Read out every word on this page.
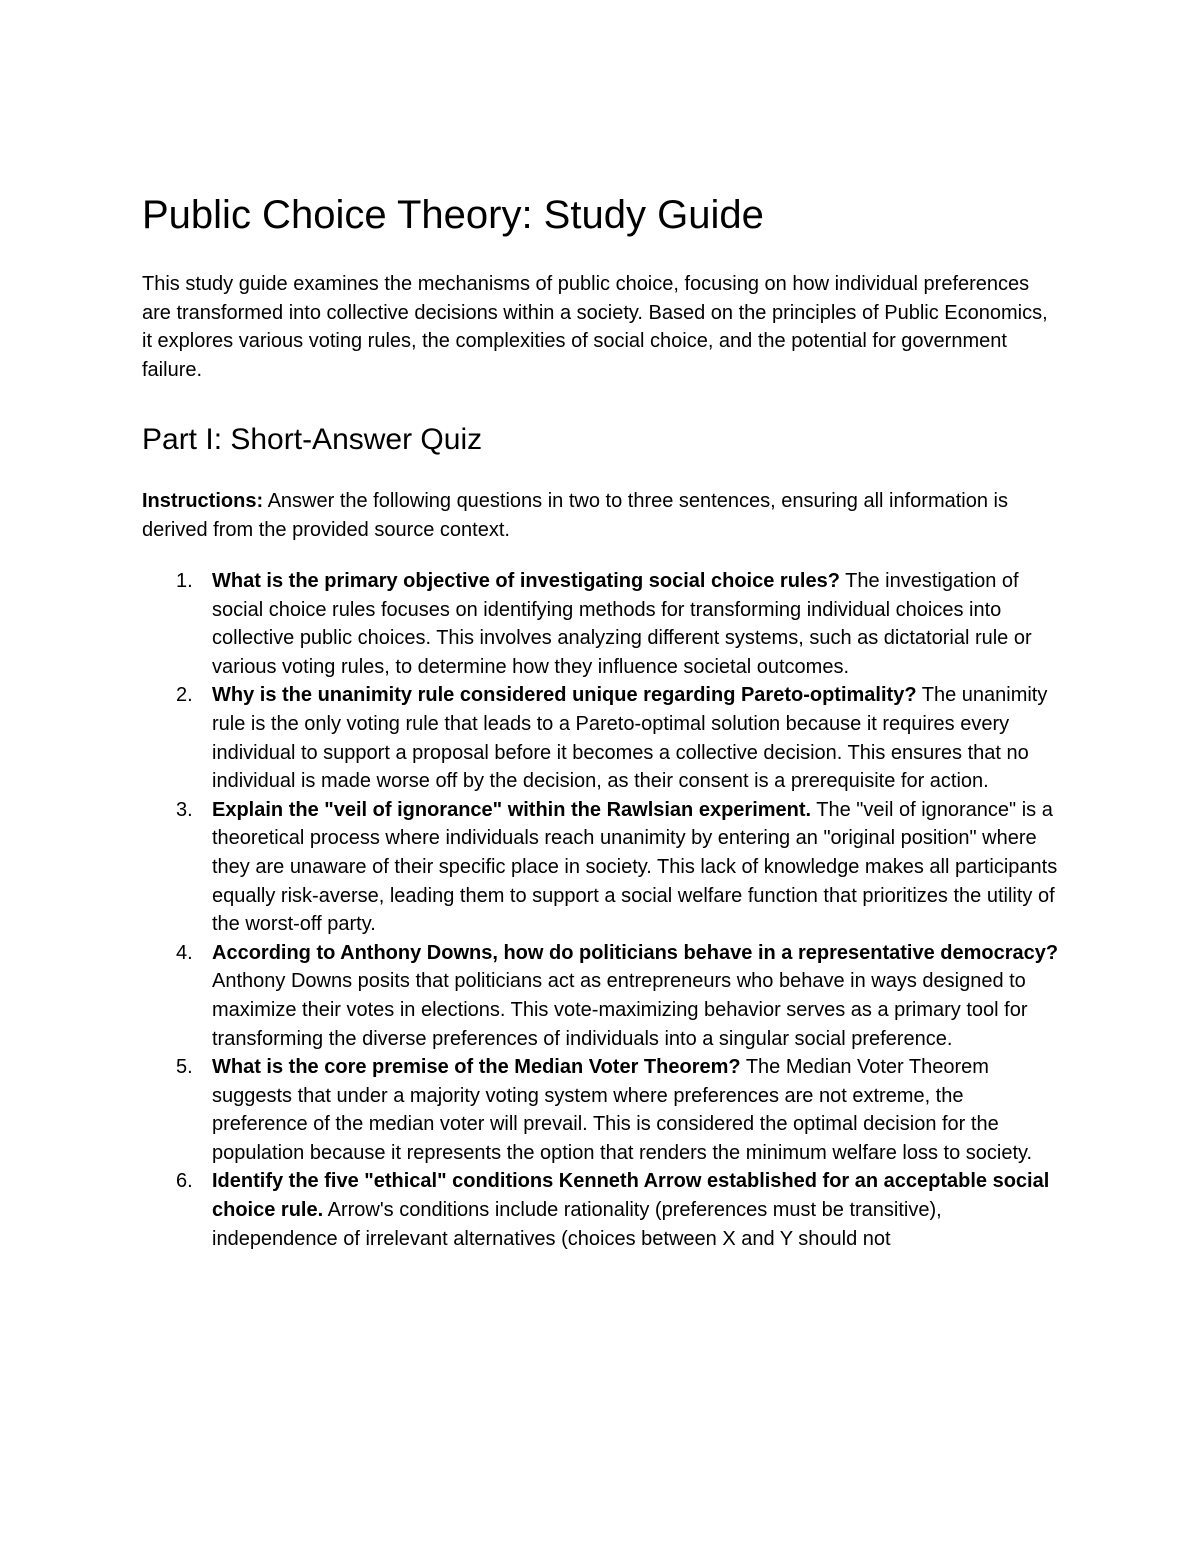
Public Choice Theory: Study Guide

This study guide examines the mechanisms of public choice, focusing on how individual preferences are transformed into collective decisions within a society. Based on the principles of Public Economics, it explores various voting rules, the complexities of social choice, and the potential for government failure.

Part I: Short-Answer Quiz

Instructions: Answer the following questions in two to three sentences, ensuring all information is derived from the provided source context.

1. What is the primary objective of investigating social choice rules? The investigation of social choice rules focuses on identifying methods for transforming individual choices into collective public choices. This involves analyzing different systems, such as dictatorial rule or various voting rules, to determine how they influence societal outcomes.
2. Why is the unanimity rule considered unique regarding Pareto-optimality? The unanimity rule is the only voting rule that leads to a Pareto-optimal solution because it requires every individual to support a proposal before it becomes a collective decision. This ensures that no individual is made worse off by the decision, as their consent is a prerequisite for action.
3. Explain the "veil of ignorance" within the Rawlsian experiment. The "veil of ignorance" is a theoretical process where individuals reach unanimity by entering an "original position" where they are unaware of their specific place in society. This lack of knowledge makes all participants equally risk-averse, leading them to support a social welfare function that prioritizes the utility of the worst-off party.
4. According to Anthony Downs, how do politicians behave in a representative democracy? Anthony Downs posits that politicians act as entrepreneurs who behave in ways designed to maximize their votes in elections. This vote-maximizing behavior serves as a primary tool for transforming the diverse preferences of individuals into a singular social preference.
5. What is the core premise of the Median Voter Theorem? The Median Voter Theorem suggests that under a majority voting system where preferences are not extreme, the preference of the median voter will prevail. This is considered the optimal decision for the population because it represents the option that renders the minimum welfare loss to society.
6. Identify the five "ethical" conditions Kenneth Arrow established for an acceptable social choice rule. Arrow's conditions include rationality (preferences must be transitive), independence of irrelevant alternatives (choices between X and Y should not
